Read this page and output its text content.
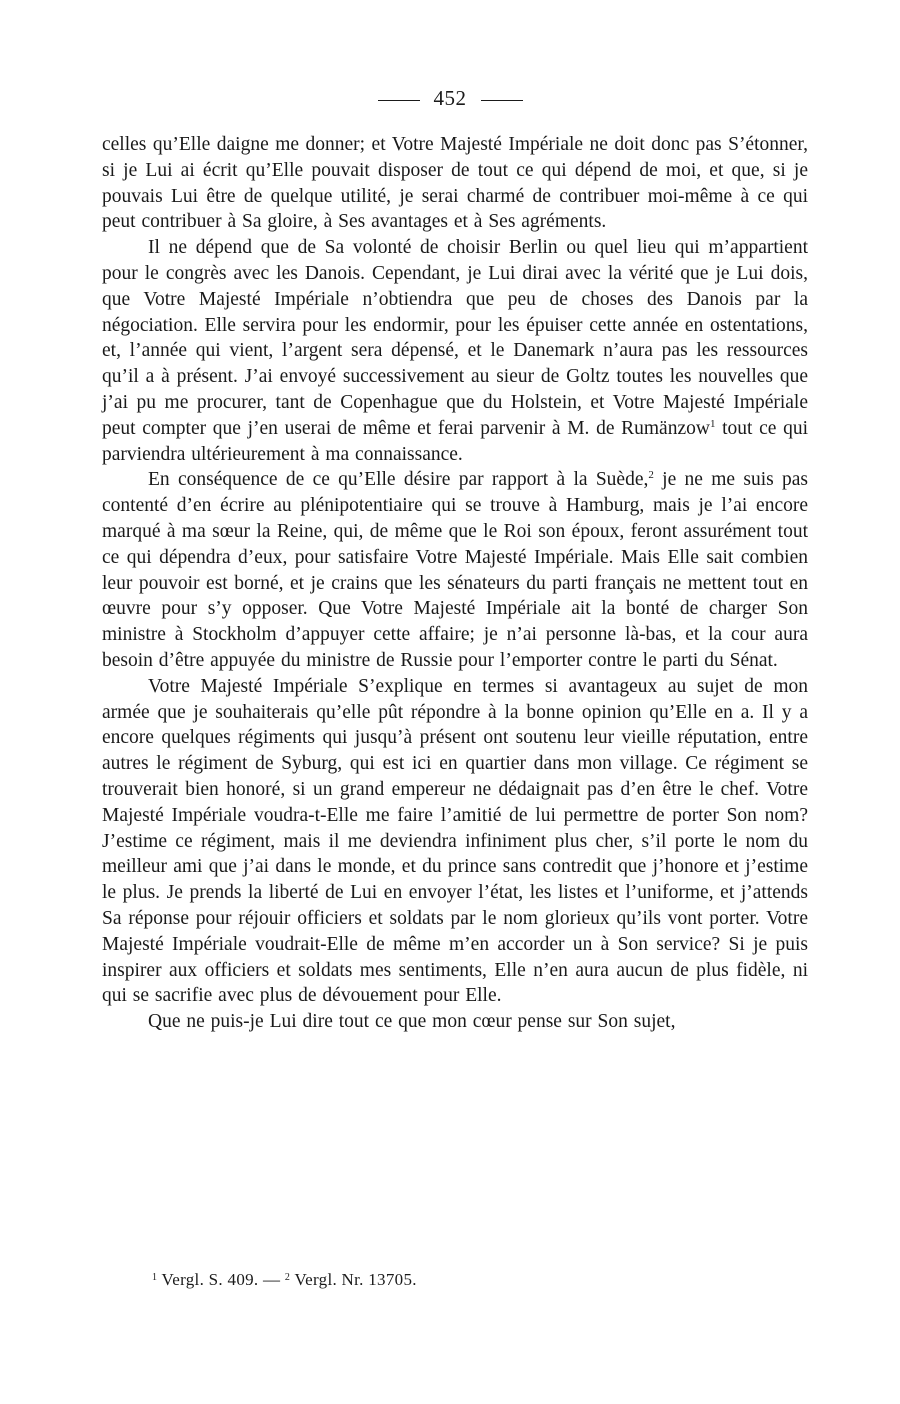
452

celles qu’Elle daigne me donner; et Votre Majesté Impériale ne doit donc pas S’étonner, si je Lui ai écrit qu’Elle pouvait disposer de tout ce qui dépend de moi, et que, si je pouvais Lui être de quelque utilité, je serai charmé de contribuer moi-même à ce qui peut contribuer à Sa gloire, à Ses avantages et à Ses agréments.

Il ne dépend que de Sa volonté de choisir Berlin ou quel lieu qui m’appartient pour le congrès avec les Danois. Cependant, je Lui dirai avec la vérité que je Lui dois, que Votre Majesté Impériale n’obtiendra que peu de choses des Danois par la négociation. Elle servira pour les endormir, pour les épuiser cette année en ostentations, et, l’année qui vient, l’argent sera dépensé, et le Danemark n’aura pas les ressources qu’il a à présent. J’ai envoyé successivement au sieur de Goltz toutes les nouvelles que j’ai pu me procurer, tant de Copenhague que du Holstein, et Votre Majesté Impériale peut compter que j’en userai de même et ferai parvenir à M. de Rumänzow$^1$ tout ce qui parviendra ultérieurement à ma connaissance.

En conséquence de ce qu’Elle désire par rapport à la Suède,$^2$ je ne me suis pas contenté d’en écrire au plénipotentiaire qui se trouve à Hamburg, mais je l’ai encore marqué à ma sœur la Reine, qui, de même que le Roi son époux, feront assurément tout ce qui dépendra d’eux, pour satisfaire Votre Majesté Impériale. Mais Elle sait combien leur pouvoir est borné, et je crains que les sénateurs du parti français ne mettent tout en œuvre pour s’y opposer. Que Votre Majesté Impériale ait la bonté de charger Son ministre à Stockholm d’appuyer cette affaire; je n’ai personne là-bas, et la cour aura besoin d’être appuyée du ministre de Russie pour l’emporter contre le parti du Sénat.

Votre Majesté Impériale S’explique en termes si avantageux au sujet de mon armée que je souhaiterais qu’elle pût répondre à la bonne opinion qu’Elle en a. Il y a encore quelques régiments qui jusqu’à présent ont soutenu leur vieille réputation, entre autres le régiment de Syburg, qui est ici en quartier dans mon village. Ce régiment se trouverait bien honoré, si un grand empereur ne dédaignait pas d’en être le chef. Votre Majesté Impériale voudra-t-Elle me faire l’amitié de lui permettre de porter Son nom? J’estime ce régiment, mais il me deviendra infiniment plus cher, s’il porte le nom du meilleur ami que j’ai dans le monde, et du prince sans contredit que j’honore et j’estime le plus. Je prends la liberté de Lui en envoyer l’état, les listes et l’uniforme, et j’attends Sa réponse pour réjouir officiers et soldats par le nom glorieux qu’ils vont porter. Votre Majesté Impériale voudrait-Elle de même m’en accorder un à Son service? Si je puis inspirer aux officiers et soldats mes sentiments, Elle n’en aura aucun de plus fidèle, ni qui se sacrifie avec plus de dévouement pour Elle.

Que ne puis-je Lui dire tout ce que mon cœur pense sur Son sujet,

$^1$ Vergl. S. 409. — $^2$ Vergl. Nr. 13705.
